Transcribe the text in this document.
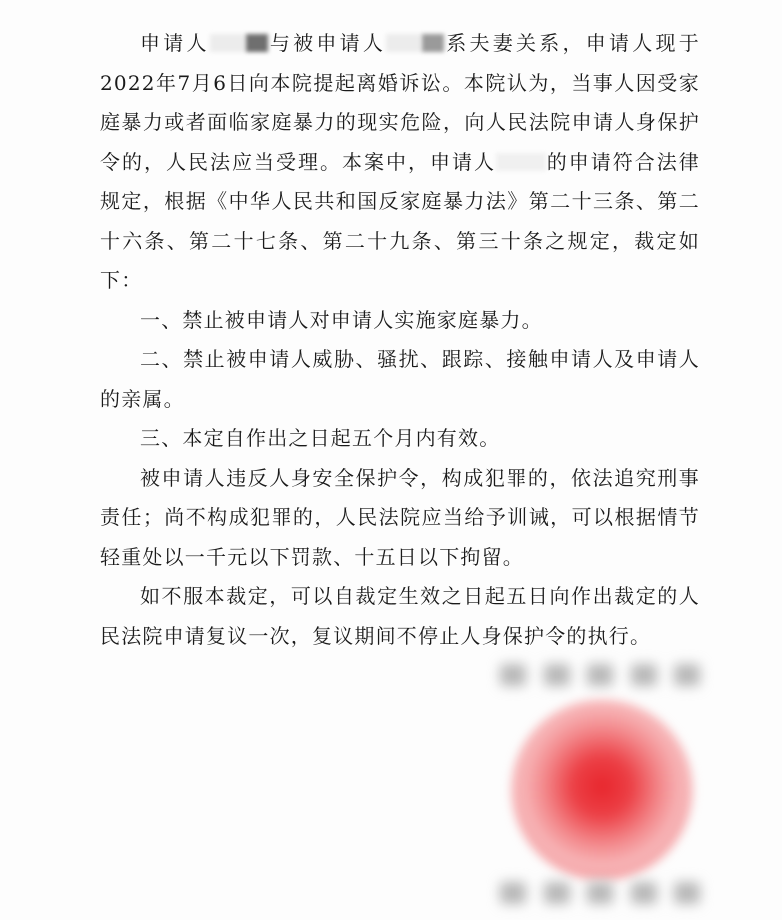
申请人	与被申请人	系夫妻关系，申请人现于2022年7月6日向本院提起离婚诉讼。本院认为，当事人因受家庭暴力或者面临家庭暴力的现实危险，向人民法院申请人身保护令的，人民法应当受理。本案中，申请人	的申请符合法律规定，根据《中华人民共和国反家庭暴力法》第二十三条、第二十六条、第二十七条、第二十九条、第三十条之规定，裁定如下：

一、禁止被申请人对申请人实施家庭暴力。

二、禁止被申请人威胁、骚扰、跟踪、接触申请人及申请人的亲属。

三、本定自作出之日起五个月内有效。

被申请人违反人身安全保护令，构成犯罪的，依法追究刑事责任；尚不构成犯罪的，人民法院应当给予训诫，可以根据情节轻重处以一千元以下罚款、十五日以下拘留。

如不服本裁定，可以自裁定生效之日起五日向作出裁定的人民法院申请复议一次，复议期间不停止人身保护令的执行。
